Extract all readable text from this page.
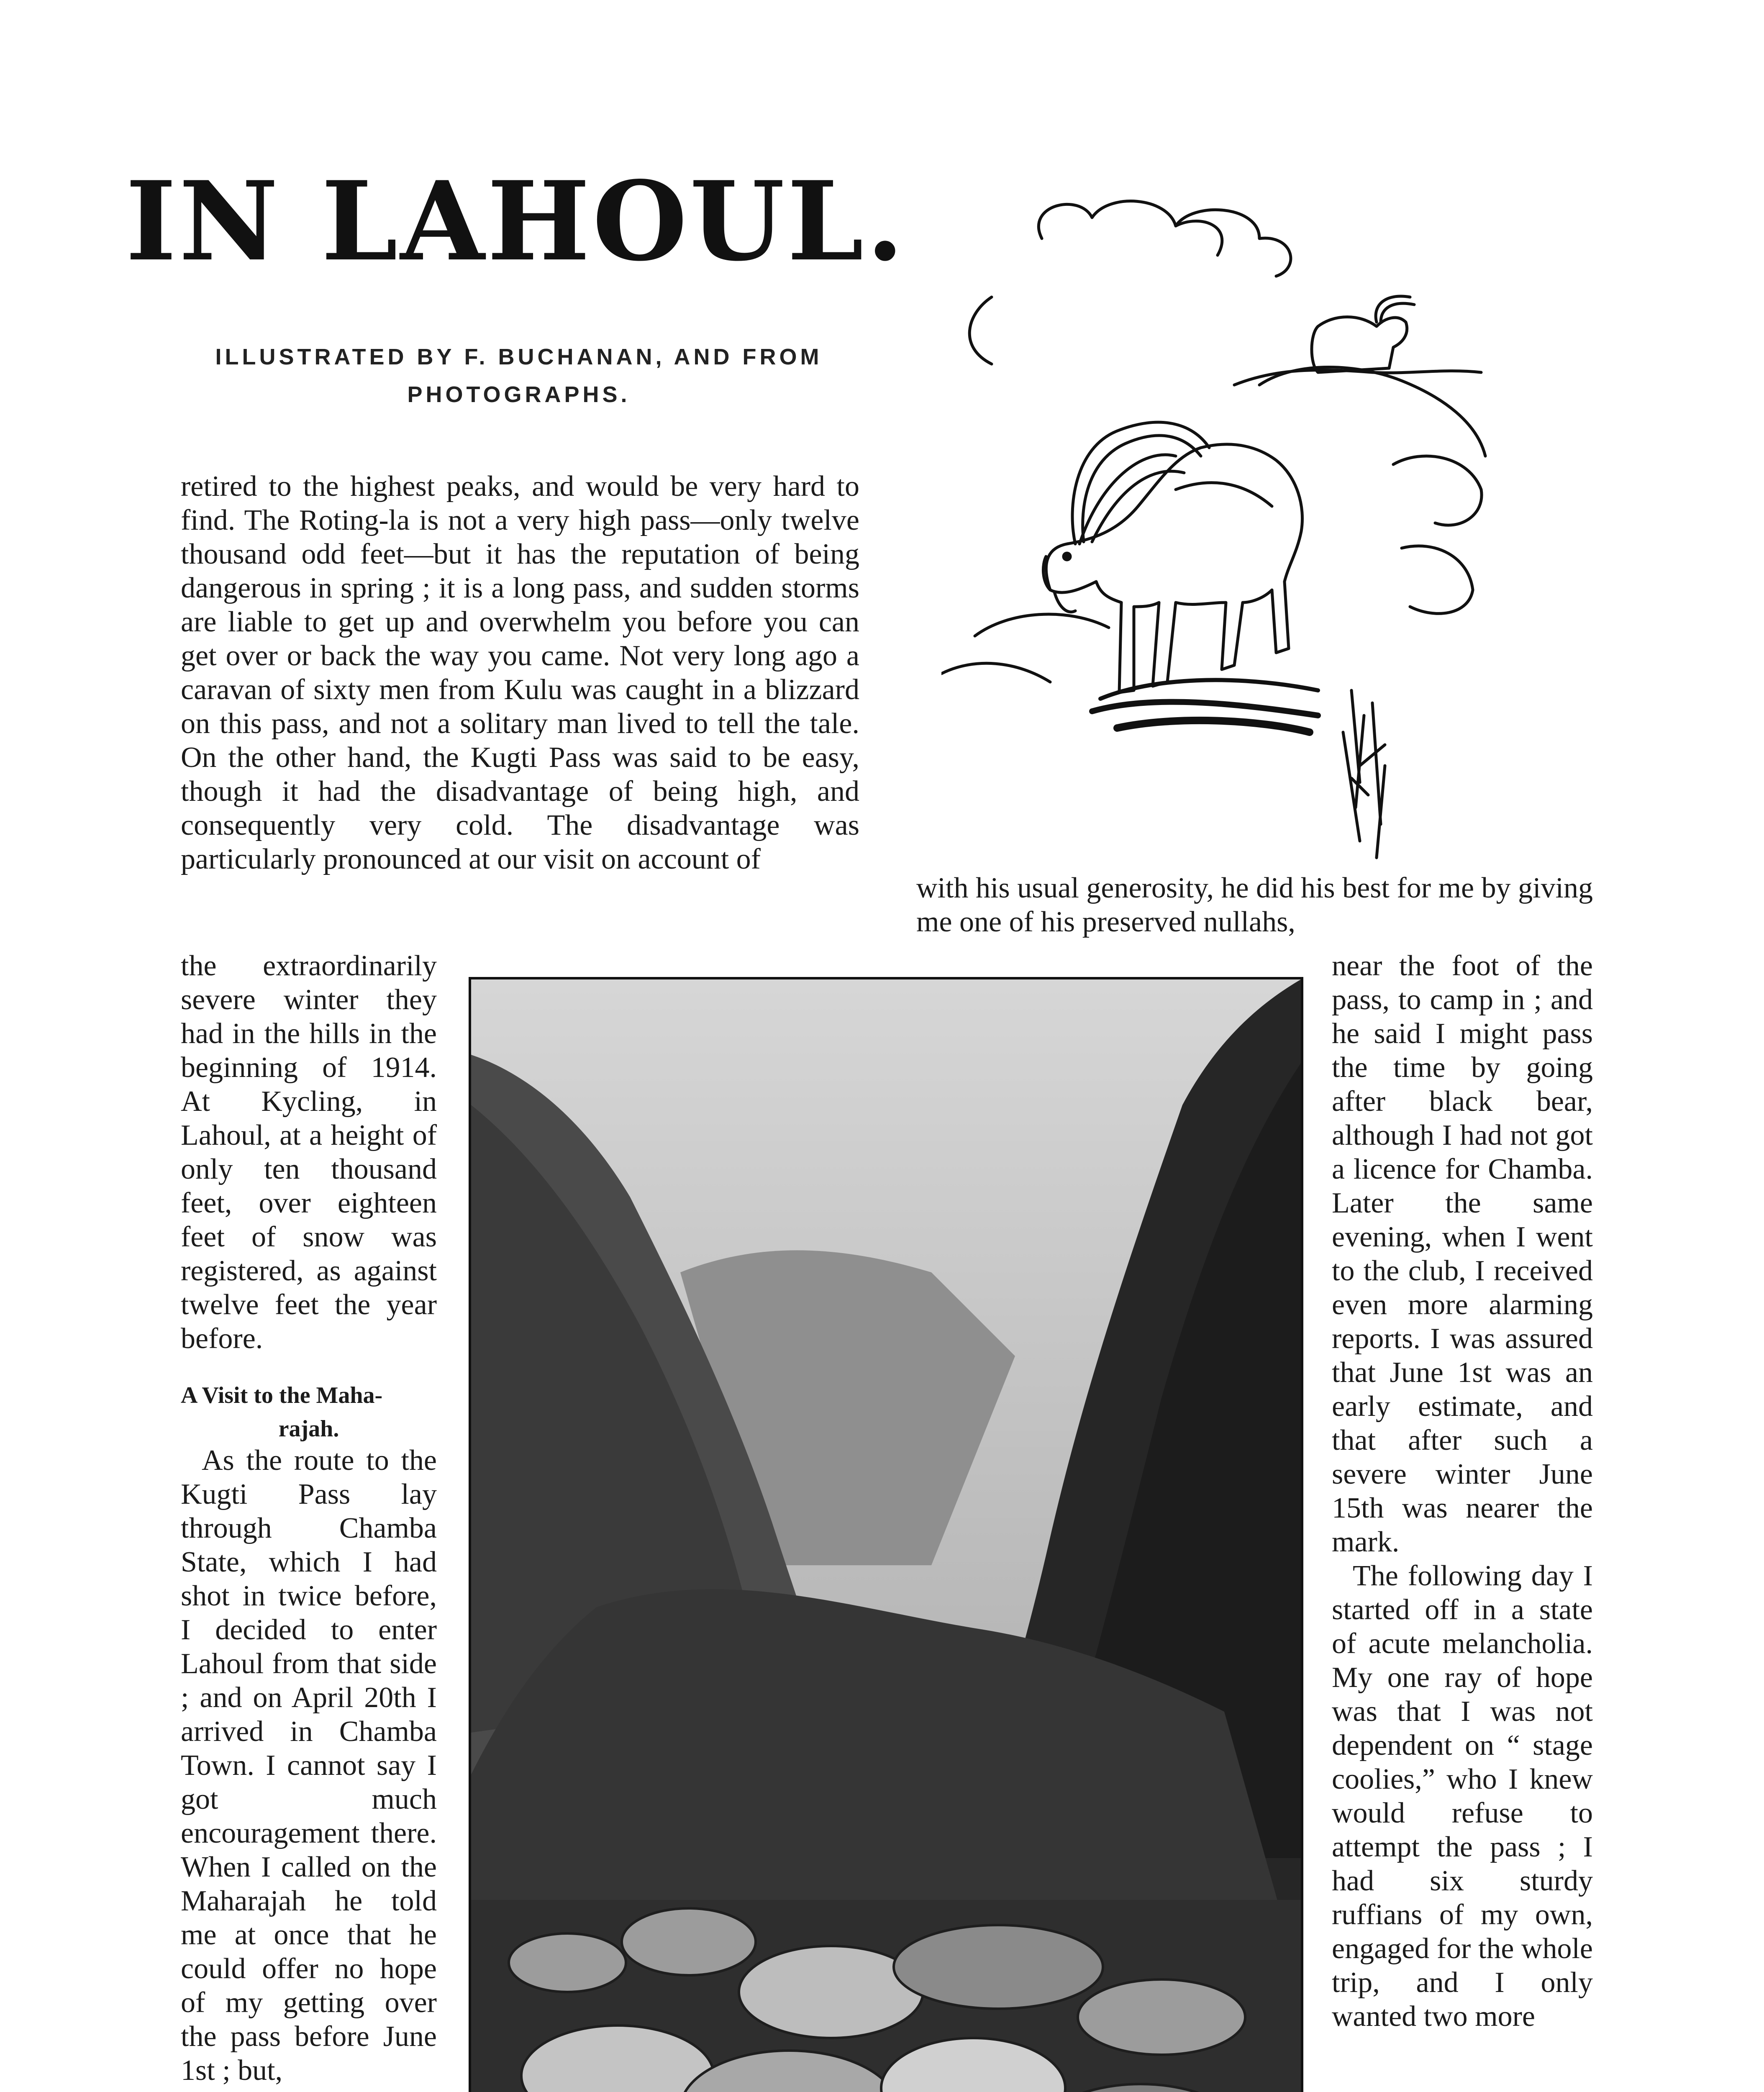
IN LAHOUL.
ILLUSTRATED BY F. BUCHANAN, AND FROM PHOTOGRAPHS.

retired to the highest peaks, and would be very hard to find. The Roting-la is not a very high pass—only twelve thousand odd feet—but it has the reputation of being dangerous in spring ; it is a long pass, and sudden storms are liable to get up and overwhelm you before you can get over or back the way you came. Not very long ago a caravan of sixty men from Kulu was caught in a blizzard on this pass, and not a solitary man lived to tell the tale. On the other hand, the Kugti Pass was said to be easy, though it had the disadvantage of being high, and consequently very cold. The disadvantage was particularly pronounced at our visit on account of

the extraordinarily severe winter they had in the hills in the beginning of 1914. At Kycling, in Lahoul, at a height of only ten thousand feet, over eighteen feet of snow was registered, as against twelve feet the year before.

A Visit to the Maha-

rajah.

As the route to the Kugti Pass lay through Chamba State, which I had shot in twice before, I decided to enter Lahoul from that side ; and on April 20th I arrived in Chamba Town. I cannot say I got much encouragement there. When I called on the Maharajah he told me at once that he could offer no hope of my getting over the pass before June 1st ; but,

with his usual generosity, he did his best for me by giving me one of his preserved nullahs,

near the foot of the pass, to camp in ; and he said I might pass the time by going after black bear, although I had not got a licence for Chamba. Later the same evening, when I went to the club, I received even more alarming reports. I was assured that June 1st was an early estimate, and that after such a severe winter June 15th was nearer the mark.

The following day I started off in a state of acute melancholia. My one ray of hope was that I was not dependent on “ stage coolies,” who I knew would refuse to attempt the pass ; I had six sturdy ruffians of my own, engaged for the whole trip, and I only wanted two more
